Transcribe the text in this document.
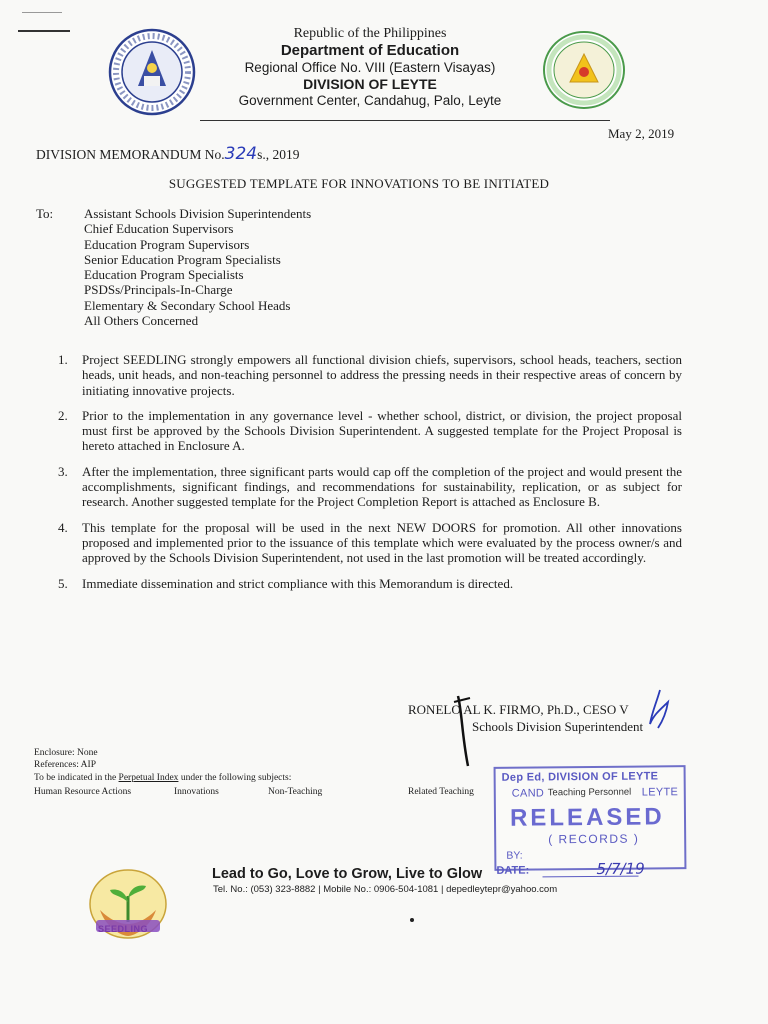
Republic of the Philippines
Department of Education
Regional Office No. VIII (Eastern Visayas)
DIVISION OF LEYTE
Government Center, Candahug, Palo, Leyte
May 2, 2019
DIVISION MEMORANDUM No.324s., 2019
SUGGESTED TEMPLATE FOR INNOVATIONS TO BE INITIATED
To: Assistant Schools Division Superintendents
Chief Education Supervisors
Education Program Supervisors
Senior Education Program Specialists
Education Program Specialists
PSDSs/Principals-In-Charge
Elementary & Secondary School Heads
All Others Concerned
1.	Project SEEDLING strongly empowers all functional division chiefs, supervisors, school heads, teachers, section heads, unit heads, and non-teaching personnel to address the pressing needs in their respective areas of concern by initiating innovative projects.
2.	Prior to the implementation in any governance level - whether school, district, or division, the project proposal must first be approved by the Schools Division Superintendent. A suggested template for the Project Proposal is hereto attached in Enclosure A.
3.	After the implementation, three significant parts would cap off the completion of the project and would present the accomplishments, significant findings, and recommendations for sustainability, replication, or as subject for research. Another suggested template for the Project Completion Report is attached as Enclosure B.
4.	This template for the proposal will be used in the next NEW DOORS for promotion. All other innovations proposed and implemented prior to the issuance of this template which were evaluated by the process owner/s and approved by the Schools Division Superintendent, not used in the last promotion will be treated accordingly.
5.	Immediate dissemination and strict compliance with this Memorandum is directed.
RONELO AL K. FIRMO, Ph.D., CESO V
Schools Division Superintendent
Enclosure: None
References: AIP
To be indicated in the Perpetual Index under the following subjects:
Human Resource Actions	Innovations	Non-Teaching	Related Teaching
Dep Ed, DIVISION OF LEYTE
CAND Teaching Personnel LEYTE
RELEASED
( RECORDS )
BY:
DATE:	5/7/19
SEEDLING
Lead to Go, Love to Grow, Live to Glow
Tel. No.: (053) 323-8882 | Mobile No.: 0906-504-1081 | depedleytepr@yahoo.com
